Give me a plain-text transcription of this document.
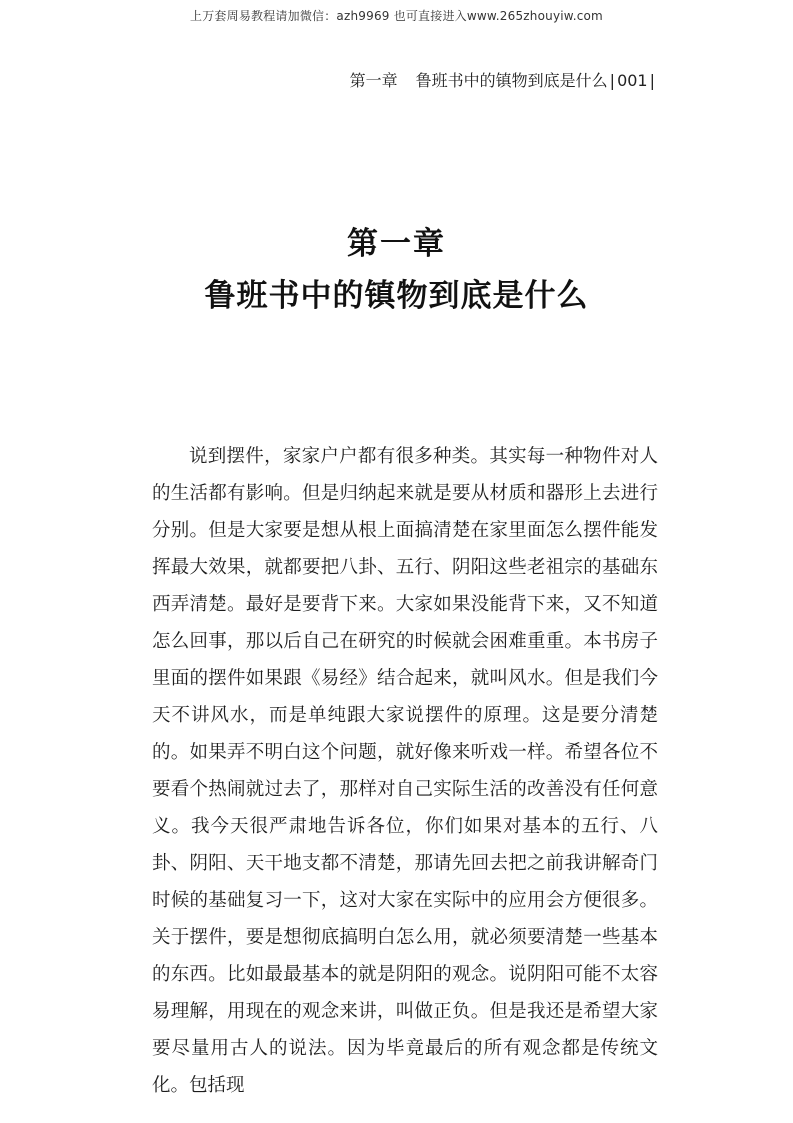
上万套周易教程请加微信：azh9969 也可直接进入www.265zhouyiw.com
第一章 鲁班书中的镇物到底是什么 | 001 |
第一章
鲁班书中的镇物到底是什么

说到摆件，家家户户都有很多种类。其实每一种物件对人的生活都有影响。但是归纳起来就是要从材质和器形上去进行分别。但是大家要是想从根上面搞清楚在家里面怎么摆件能发挥最大效果，就都要把八卦、五行、阴阳这些老祖宗的基础东西弄清楚。最好是要背下来。大家如果没能背下来，又不知道怎么回事，那以后自己在研究的时候就会困难重重。本书房子里面的摆件如果跟《易经》结合起来，就叫风水。但是我们今天不讲风水，而是单纯跟大家说摆件的原理。这是要分清楚的。如果弄不明白这个问题，就好像来听戏一样。希望各位不要看个热闹就过去了，那样对自己实际生活的改善没有任何意义。我今天很严肃地告诉各位，你们如果对基本的五行、八卦、阴阳、天干地支都不清楚，那请先回去把之前我讲解奇门时候的基础复习一下，这对大家在实际中的应用会方便很多。关于摆件，要是想彻底搞明白怎么用，就必须要清楚一些基本的东西。比如最最基本的就是阴阳的观念。说阴阳可能不太容易理解，用现在的观念来讲，叫做正负。但是我还是希望大家要尽量用古人的说法。因为毕竟最后的所有观念都是传统文化。包括现
